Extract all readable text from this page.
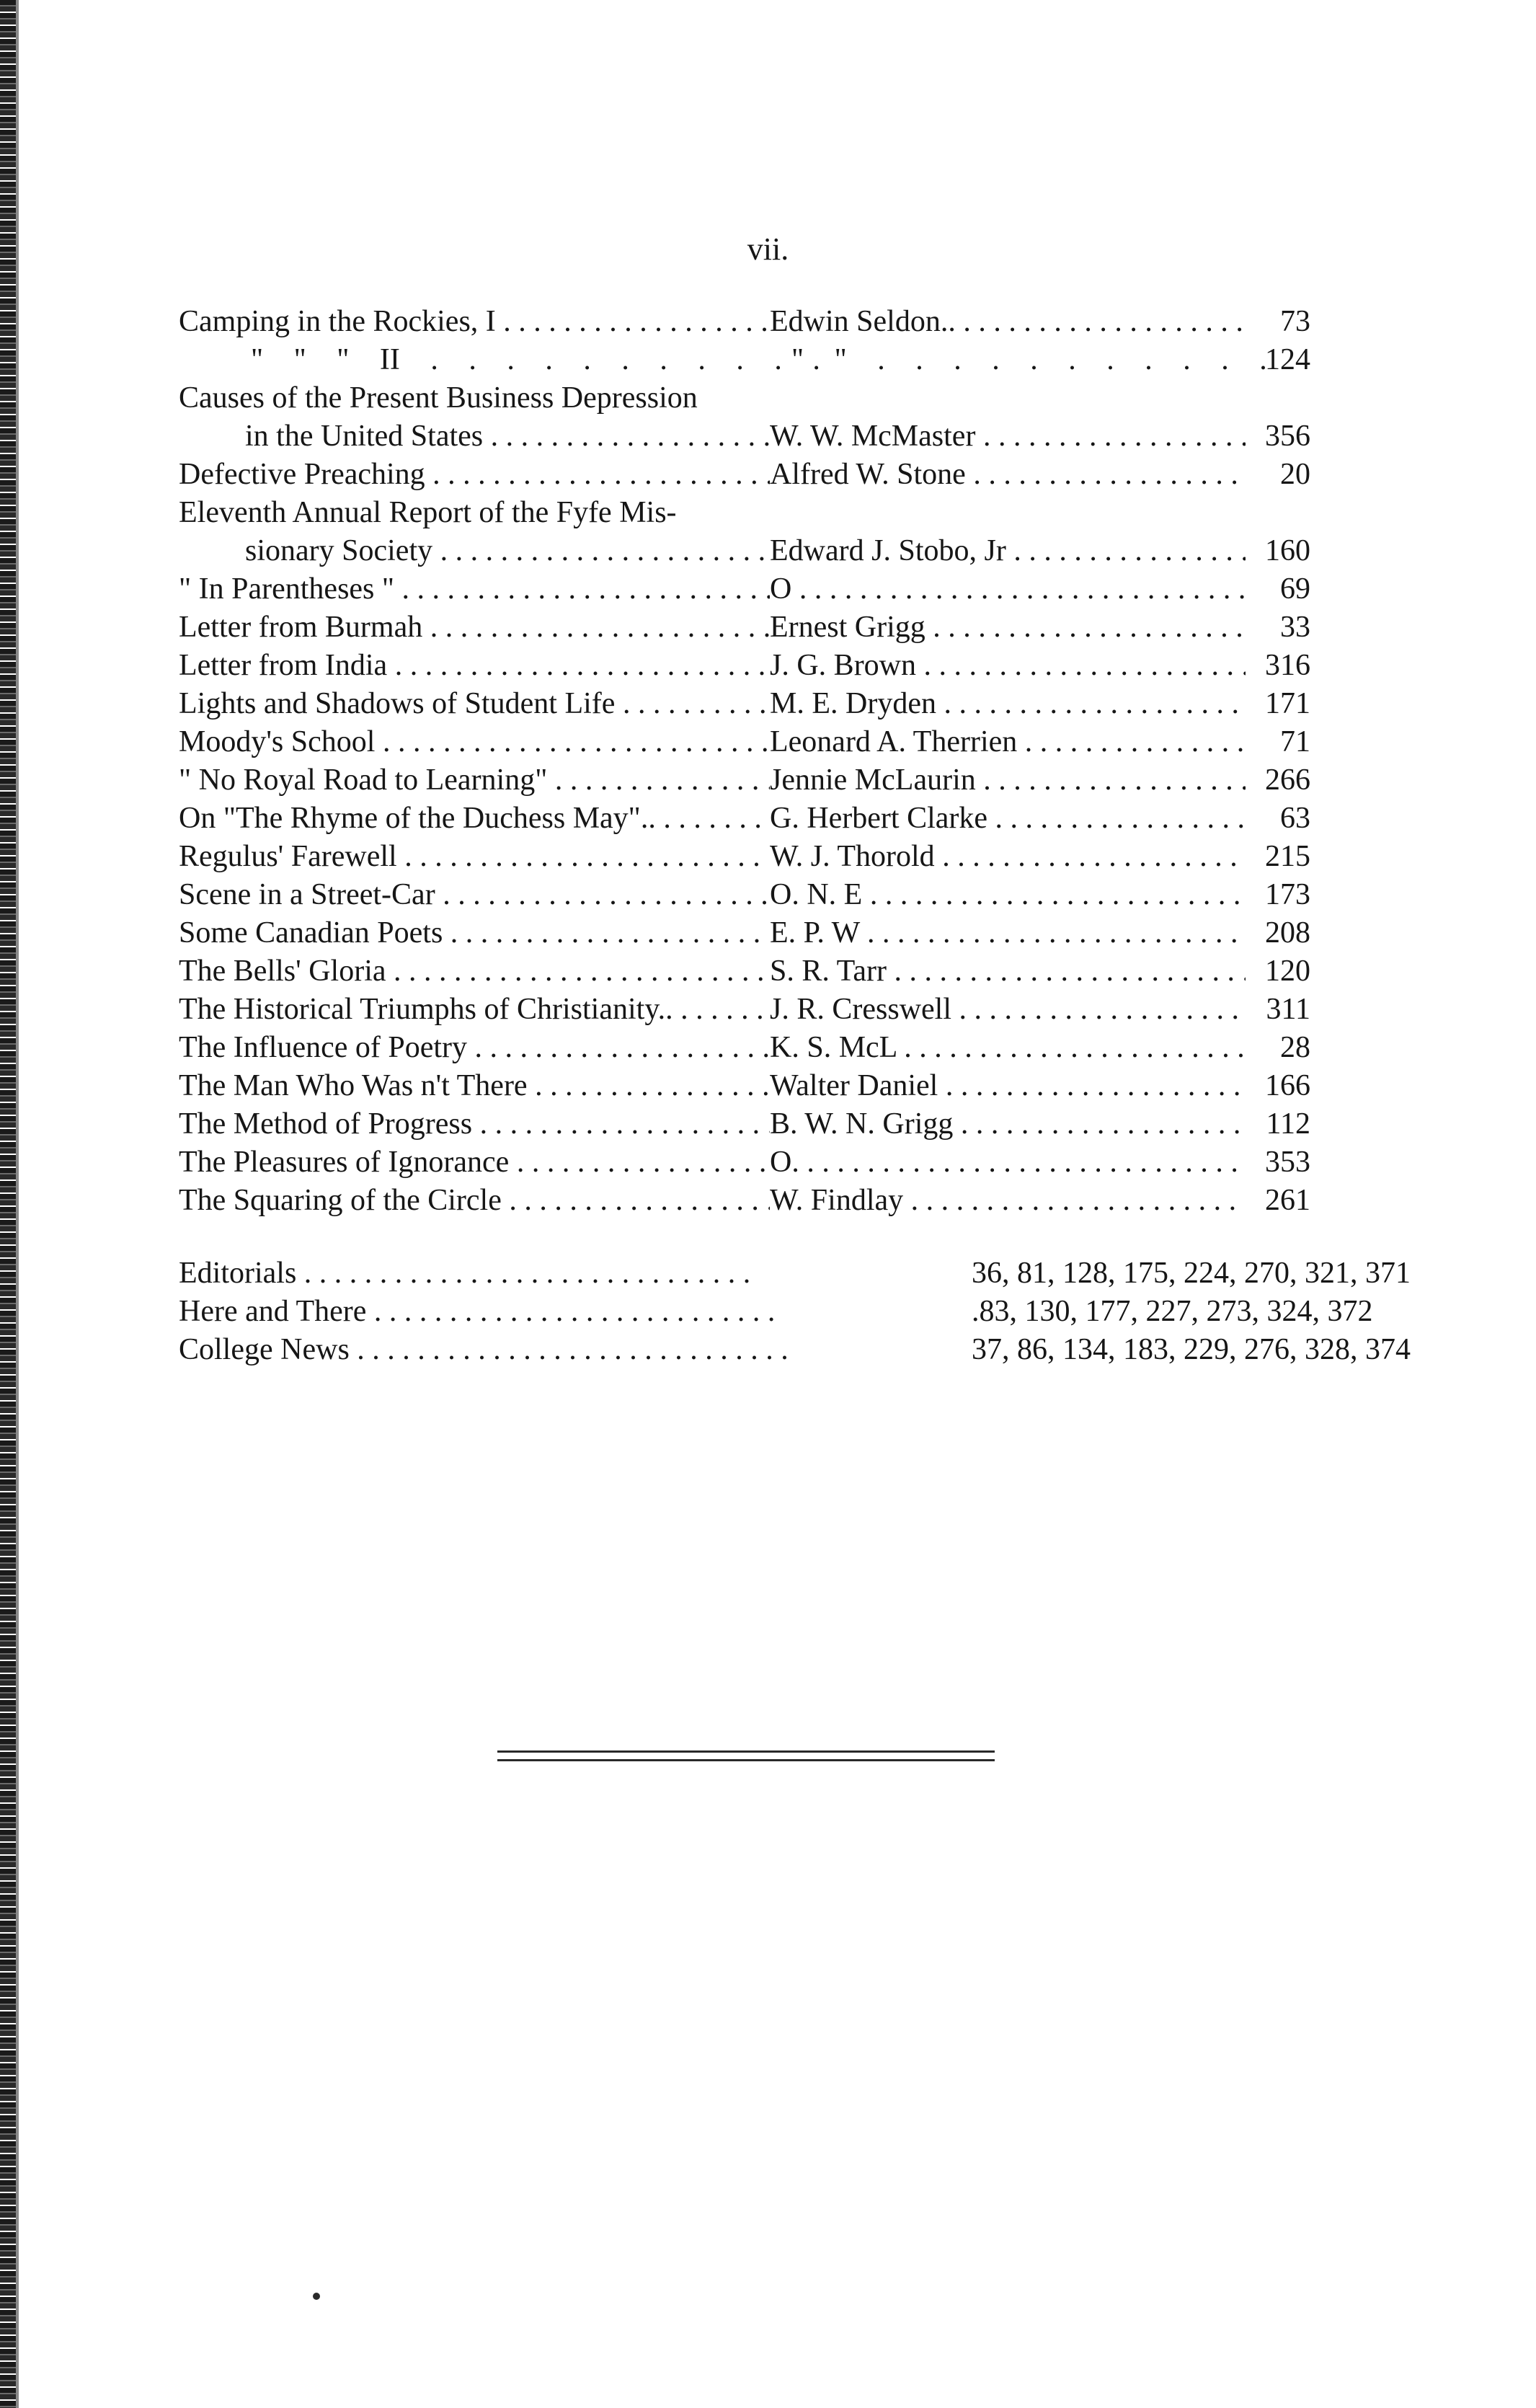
vii.
Camping in the Rockies, I . . .	Edwin Seldon.. . . .	73
" " " II . . .	" " . . .	124
Causes of the Present Business Depression
in the United States . . .	W. W. McMaster . . .	356
Defective Preaching . . .	Alfred W. Stone . . .	20
Eleventh Annual Report of the Fyfe Mis-
sionary Society . . .	Edward J. Stobo, Jr . . .	160
" In Parentheses " . . .	O . . .	69
Letter from Burmah . . .	Ernest Grigg . . .	33
Letter from India . . .	J. G. Brown . . .	316
Lights and Shadows of Student Life . . .	M. E. Dryden . . .	171
Moody's School . . .	Leonard A. Therrien . . .	71
" No Royal Road to Learning" . . .	Jennie McLaurin . . .	266
On "The Rhyme of the Duchess May".. . . .	G. Herbert Clarke . . .	63
Regulus' Farewell . . .	W. J. Thorold . . .	215
Scene in a Street-Car . . .	O. N. E . . .	173
Some Canadian Poets . . .	E. P. W . . .	208
The Bells' Gloria . . .	S. R. Tarr . . .	120
The Historical Triumphs of Christianity.. . . .	J. R. Cresswell . . .	311
The Influence of Poetry . . .	K. S. McL . . .	28
The Man Who Was n't There . . .	Walter Daniel . . .	166
The Method of Progress . . .	B. W. N. Grigg . . .	112
The Pleasures of Ignorance . . .	O. . . .	353
The Squaring of the Circle . . .	W. Findlay . . .	261
Editorials . . . . . . . . . . . . . . . . . . . . . . . . . . . . . .	36, 81, 128, 175, 224, 270, 321, 371
Here and There . . . . . . . . . . . . . . . . . . . . . . . . . . .	.83, 130, 177, 227, 273, 324, 372
College News . . . . . . . . . . . . . . . . . . . . . . . . . . . . .	37, 86, 134, 183, 229, 276, 328, 374
